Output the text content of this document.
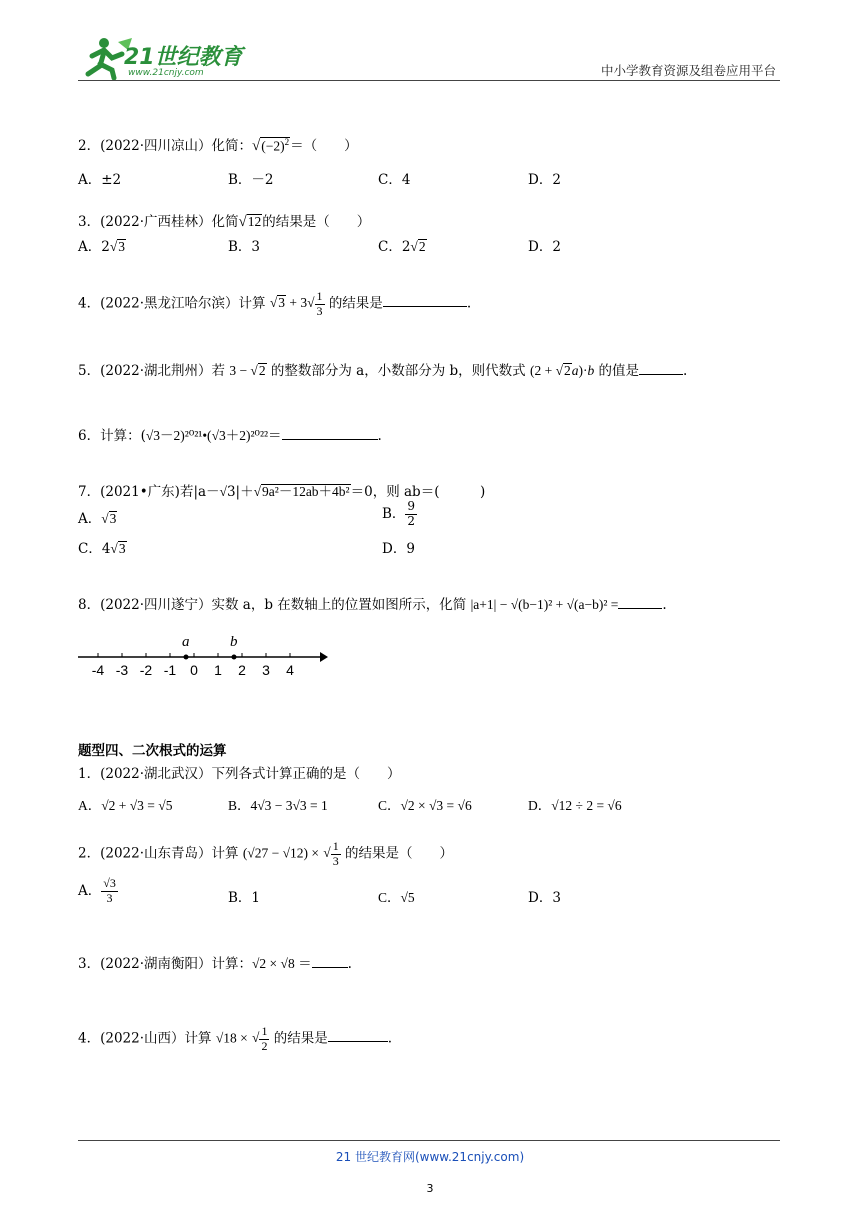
21世纪教育
www.21cnjy.com	中小学教育资源及组卷应用平台
2．(2022·四川凉山）化简：$√(-2)^2=$（　　）
A．±2	B．－2	C．4	D．2
3．(2022·广西桂林）化简√12的结果是（　　）
A．2√3	B．3	C．2√2	D．2
4．(2022·黑龙江哈尔滨）计算 $√3 + 3√ \frac{1}{3}$ 的结果是	.
5．(2022·湖北荆州）若 3 − √2 的整数部分为 a，小数部分为 b，则代数式 (2 + √2a)·b 的值是	.
6．计算：(√3－2)²⁰²¹•(√3＋2)²⁰²²＝	.
7．(2021•广东)若|a－√3|＋√9a²－12ab＋4b²＝0，则 ab＝(　　　)
A．√3	B． $\frac{9}{2}$
C．4√3	D．9
8．(2022·四川遂宁）实数 a，b 在数轴上的位置如图所示，化简 |a+1| − √(b−1)² + √(a−b)² =	.
-4 -3 -2 -1 0 1 2 3 4
a	b
题型四、二次根式的运算
1．(2022·湖北武汉）下列各式计算正确的是（　　）
A．√2 + √3 = √5	B．4√3 − 3√3 = 1	C．√2 × √3 = √6	D．√12 ÷ 2 = √6
2．(2022·山东青岛）计算 (√27 − √12) × √ $\frac{1}{3}$ 的结果是（　　）
A． $\frac{√3}{3}$	B．1	C．√5	D．3
3．(2022·湖南衡阳）计算：√2 × √8 ＝	.
4．(2022·山西）计算 √18 × √ $\frac{1}{2}$ 的结果是	.
21 世纪教育网(www.21cnjy.com)
3
